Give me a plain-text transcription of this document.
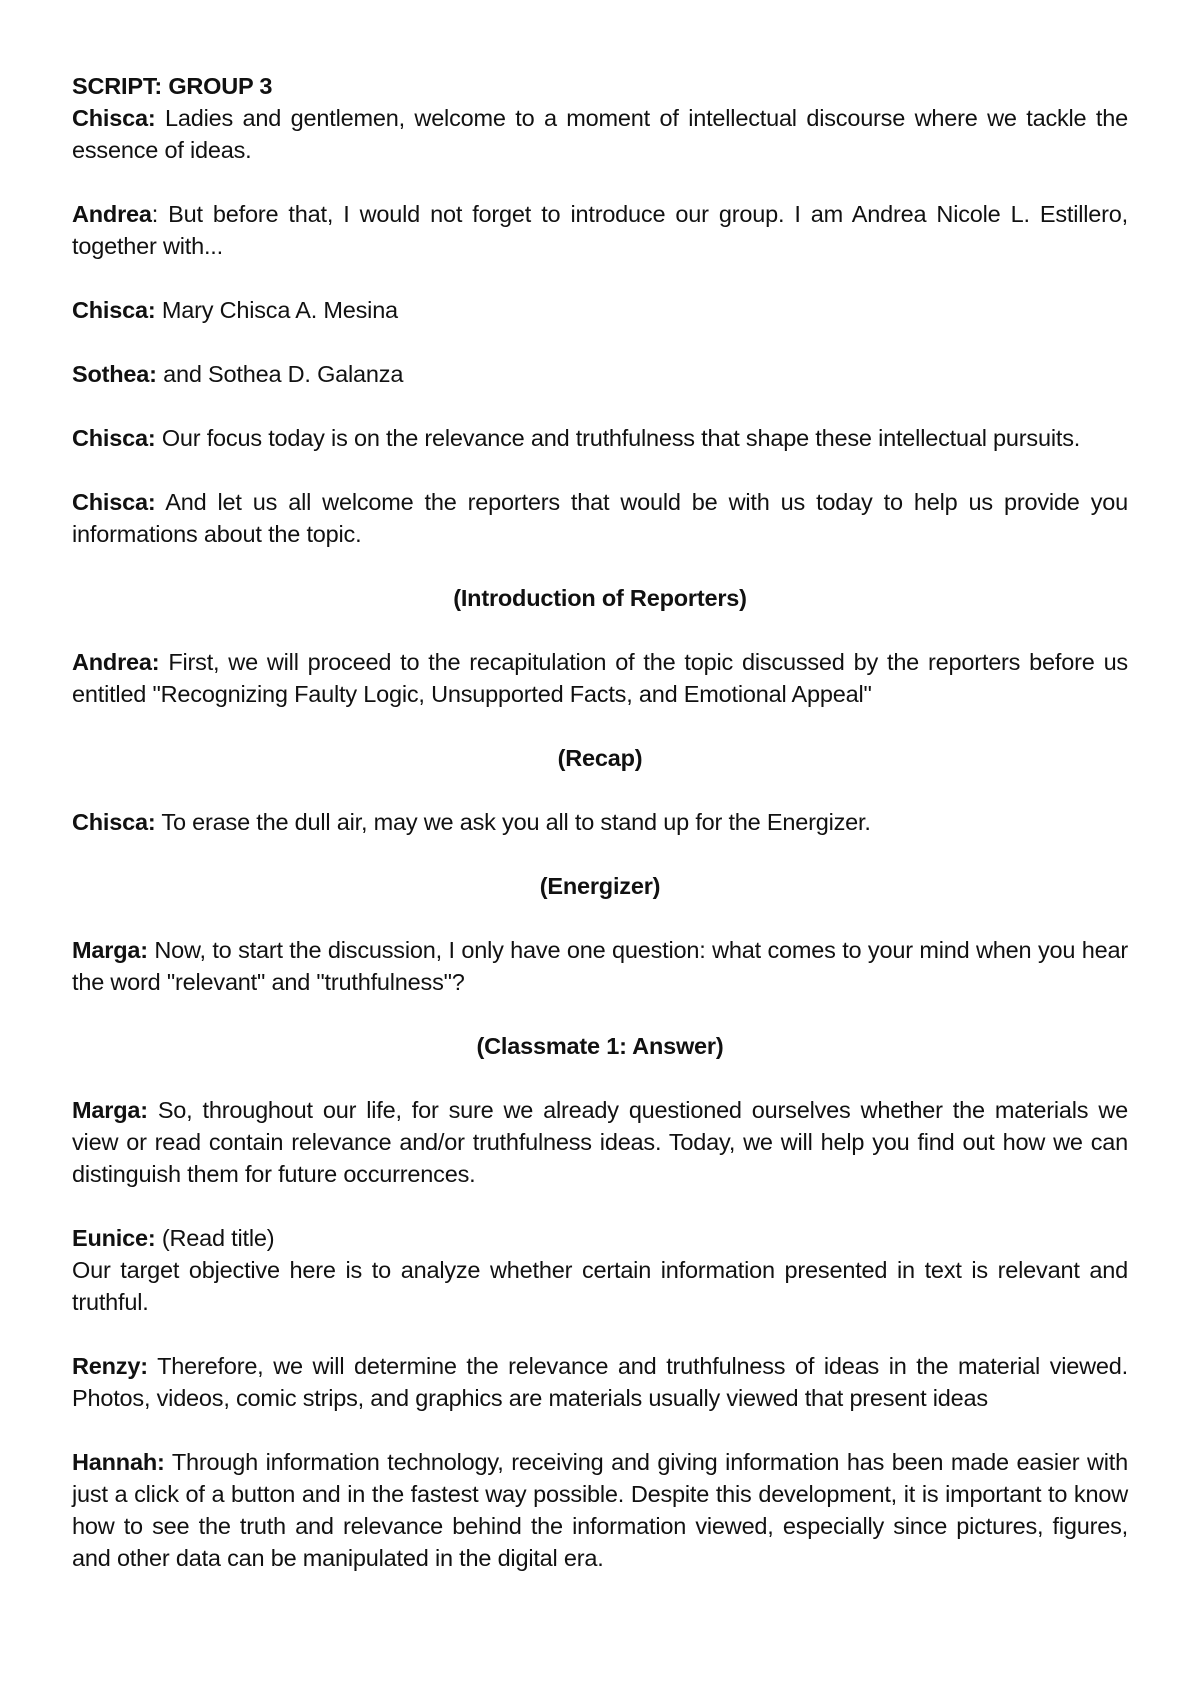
SCRIPT: GROUP 3

Chisca: Ladies and gentlemen, welcome to a moment of intellectual discourse where we tackle the essence of ideas.

Andrea: But before that, I would not forget to introduce our group. I am Andrea Nicole L. Estillero, together with...

Chisca: Mary Chisca A. Mesina

Sothea: and Sothea D. Galanza

Chisca: Our focus today is on the relevance and truthfulness that shape these intellectual pursuits.

Chisca: And let us all welcome the reporters that would be with us today to help us provide you informations about the topic.

(Introduction of Reporters)

Andrea: First, we will proceed to the recapitulation of the topic discussed by the reporters before us entitled "Recognizing Faulty Logic, Unsupported Facts, and Emotional Appeal"

(Recap)

Chisca: To erase the dull air, may we ask you all to stand up for the Energizer.

(Energizer)

Marga: Now, to start the discussion, I only have one question: what comes to your mind when you hear the word "relevant" and "truthfulness"?

(Classmate 1: Answer)

Marga: So, throughout our life, for sure we already questioned ourselves whether the materials we view or read contain relevance and/or truthfulness ideas. Today, we will help you find out how we can distinguish them for future occurrences.

Eunice: (Read title)
Our target objective here is to analyze whether certain information presented in text is relevant and truthful.

Renzy: Therefore, we will determine the relevance and truthfulness of ideas in the material viewed. Photos, videos, comic strips, and graphics are materials usually viewed that present ideas

Hannah: Through information technology, receiving and giving information has been made easier with just a click of a button and in the fastest way possible. Despite this development, it is important to know how to see the truth and relevance behind the information viewed, especially since pictures, figures, and other data can be manipulated in the digital era.
